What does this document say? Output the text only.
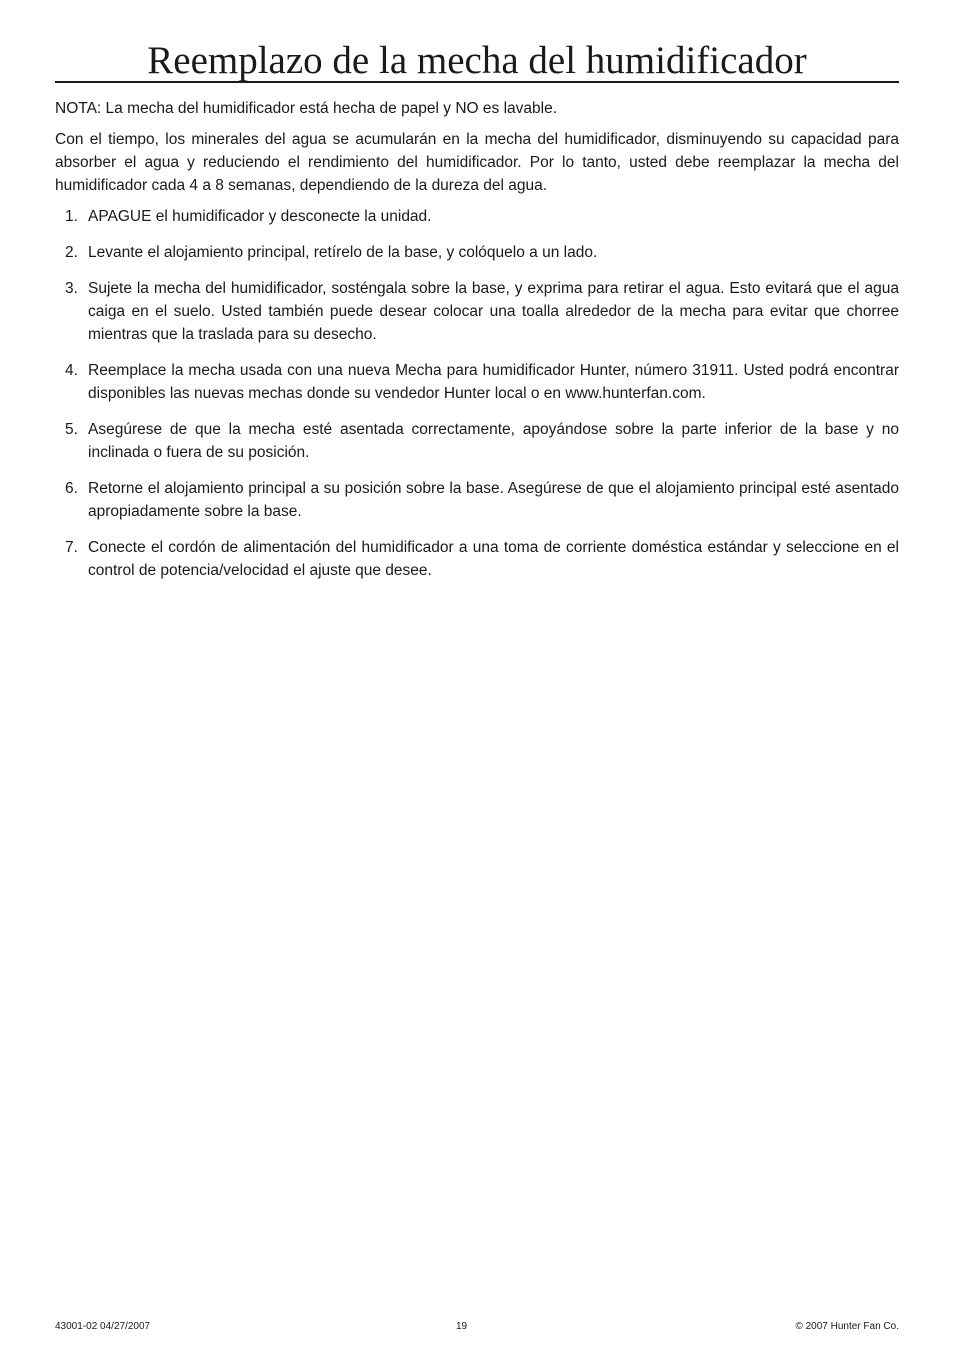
Reemplazo de la mecha del humidificador

NOTA: La mecha del humidificador está hecha de papel y NO es lavable.

Con el tiempo, los minerales del agua se acumularán en la mecha del humidificador, disminuyendo su capacidad para absorber el agua y reduciendo el rendimiento del humidificador. Por lo tanto, usted debe reemplazar la mecha del humidificador cada 4 a 8 semanas, dependiendo de la dureza del agua.

1. APAGUE el humidificador y desconecte la unidad.
2. Levante el alojamiento principal, retírelo de la base, y colóquelo a un lado.
3. Sujete la mecha del humidificador, sosténgala sobre la base, y exprima para retirar el agua. Esto evitará que el agua caiga en el suelo. Usted también puede desear colocar una toalla alrededor de la mecha para evitar que chorree mientras que la traslada para su desecho.
4. Reemplace la mecha usada con una nueva Mecha para humidificador Hunter, número 31911. Usted podrá encontrar disponibles las nuevas mechas donde su vendedor Hunter local o en www.hunterfan.com.
5. Asegúrese de que la mecha esté asentada correctamente, apoyándose sobre la parte inferior de la base y no inclinada o fuera de su posición.
6. Retorne el alojamiento principal a su posición sobre la base. Asegúrese de que el alojamiento principal esté asentado apropiadamente sobre la base.
7. Conecte el cordón de alimentación del humidificador a una toma de corriente doméstica estándar y seleccione en el control de potencia/velocidad el ajuste que desee.
43001-02 04/27/2007	19	© 2007 Hunter Fan Co.
